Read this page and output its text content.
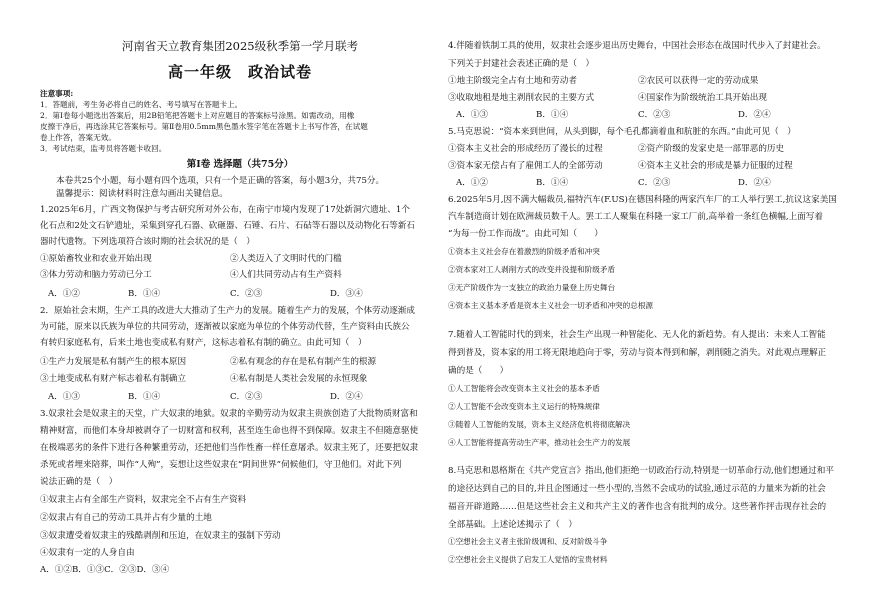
河南省天立教育集团2025级秋季第一学月联考
高一年级　政治试卷
注意事项:
1．答题前，考生务必将自己的姓名、考号填写在答题卡上。
2．第Ⅰ卷每小题选出答案后，用2B铅笔把答题卡上对应题目的答案标号涂黑。如需改动，用橡
皮擦干净后，再选涂其它答案标号。第Ⅱ卷用0.5mm黑色墨水签字笔在答题卡上书写作答，在试题
卷上作答，答案无效。
3．考试结束，监考员将答题卡收回。
第Ⅰ卷 选择题（共75分）
本卷共25个小题，每小题有四个选项，只有一个是正确的答案，每小题3分，共75分。
温馨提示：阅读材料时注意勾画出关键信息。
1.2025年6月，广西文物保护与考古研究所对外公布，在南宁市境内发现了17处新洞穴遗址、1个
化石点和2处文石铲遗址，采集到穿孔石器、砍砸器、石锤、石片、石砧等石器以及动物化石等新石
器时代遗物。下列选项符合该时期的社会状况的是（　）
①原始畜牧业和农业开始出现	②人类迈入了文明时代的门槛
③体力劳动和脑力劳动已分工	④人们共同劳动占有生产资料
A．①②	B．①④	C．②③	D．③④
2．原始社会末期，生产工具的改进大大推动了生产力的发展。随着生产力的发展，个体劳动逐渐成
为可能，原来以氏族为单位的共同劳动，逐渐被以家庭为单位的个体劳动代替，生产资料由氏族公
有转归家庭私有，后来土地也变成私有财产，这标志着私有制的确立。由此可知（　）
①生产力发展是私有制产生的根本原因	②私有观念的存在是私有制产生的根源
③土地变成私有财产标志着私有制确立	④私有制是人类社会发展的永恒现象
A．①③	B．①④	C．②③	D．②④
3.奴隶社会是奴隶主的天堂，广大奴隶的地狱。奴隶的辛勤劳动为奴隶主贵族创造了大批物质财富和
精神财富，而他们本身却被剥夺了一切财富和权利，甚至连生命也得不到保障。奴隶主不但随意驱使
在极端恶劣的条件下进行各种繁重劳动，还把他们当作性畜一样任意屠杀。奴隶主死了，还要把奴隶
杀死或者埋来陪葬，叫作“人殉”，妄想让这些奴隶在“阴间世界”伺候他们，守卫他们。对此下列
说法正确的是（　）
①奴隶主占有全部生产资料，奴隶完全不占有生产资料
②奴隶占有自己的劳动工具并占有少量的土地
③奴隶遭受着奴隶主的残酷剥削和压迫，在奴隶主的强制下劳动
④奴隶有一定的人身自由
A．①②B．①③C．②③D．③④
4.伴随着铁制工具的使用，奴隶社会逐步退出历史舞台，中国社会形态在战国时代步入了封建社会。
下列关于封建社会表述正确的是（　）
①地主阶级完全占有土地和劳动者	②农民可以获得一定的劳动成果
③收取地租是地主剥削农民的主要方式	④国家作为阶级统治工具开始出现
A．①③	B．①④	C．②③	D．②④
5.马克思说：“资本来到世间，从头到脚，每个毛孔都滴着血和肮脏的东西。”由此可见（　）
①资本主义社会的形成经历了漫长的过程	②资产阶级的发家史是一部罪恶的历史
③资本家无偿占有了雇佣工人的全部劳动	④资本主义社会的形成是暴力征服的过程
A．①②	B．①④	C．②③	D．②④
6.2025年5月,因不满大幅裁员,福特汽车(F.US)在德国科隆的两家汽车厂的工人举行罢工,抗议这家美国
汽车制造商计划在欧洲裁员数千人。罢工工人聚集在科隆一家工厂前,高举着一条红色横幅,上面写着
“为每一份工作而战”。由此可知（　　）
①资本主义社会存在着激烈的阶级矛盾和冲突
②资本家对工人剥削方式的改变并没提和阶级矛盾
③无产阶级作为一支独立的政治力量登上历史舞台
④资本主义基本矛盾是资本主义社会一切矛盾和冲突的总根源
7.随着人工智能时代的到来，社会生产出现一种智能化、无人化的新趋势。有人提出：未来人工智能
得到普及，资本家的用工将无限地趋向于零，劳动与资本得到和解，剥削随之消失。对此观点理解正
确的是（　　）
①人工智能将会改变资本主义社会的基本矛盾
②人工智能不会改变资本主义运行的特殊规律
③随着人工智能的发展，资本主义经济危机将彻底解决
④人工智能将提高劳动生产率，推动社会生产力的发展
8.马克思和恩格斯在《共产党宣言》指出,他们拒绝一切政治行动,特别是一切革命行动,他们想通过和平
的途径达到自己的目的,并且企图通过一些小型的,当然不会成功的试验,通过示范的力量来为新的社会
福音开辟道路……但是这些社会主义和共产主义的著作也含有批判的成分。这些著作抨击现存社会的
全部基础。上述论述揭示了（　）
①空想社会主义者主张阶级调和、反对阶级斗争
②空想社会主义提供了启发工人觉悟的宝贵材料
